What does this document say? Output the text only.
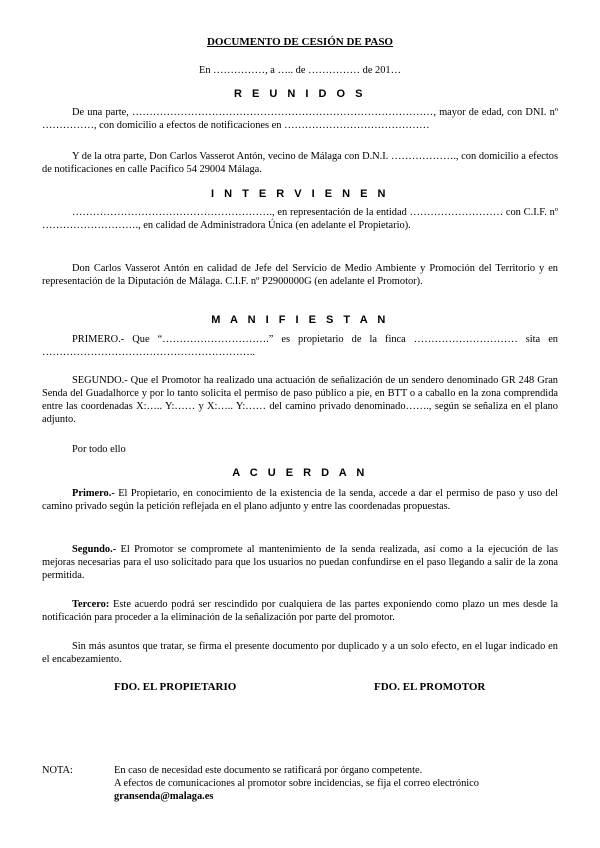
DOCUMENTO DE CESIÓN DE PASO
En ……………, a ….. de …………… de 201…
R E U N I D O S
De una parte, ……………………………………………………………………………, mayor de edad, con DNI. nº ……………, con domicilio a efectos de notificaciones en ……………………………………
Y de la otra parte, Don Carlos Vasserot Antón, vecino de Málaga con D.N.I. ………………., con domicilio a efectos de notificaciones en calle Pacífico 54 29004 Málaga.
I N T E R V I E N E N
…………………………………………………., en representación de la entidad ……………………… con C.I.F. nº ………………………., en calidad de Administradora Única (en adelante el Propietario).
Don Carlos Vasserot Antón en calidad de Jefe del Servicio de Medio Ambiente y Promoción del Territorio y en representación de la Diputación de Málaga. C.I.F. nº P2900000G (en adelante el Promotor).
M A N I F I E S T A N
PRIMERO.- Que “………………………….” es propietario de la finca ………………………… sita en ……………………………………………………..
SEGUNDO.- Que el Promotor ha realizado una actuación de señalización de un sendero denominado GR 248 Gran Senda del Guadalhorce y por lo tanto solicita el permiso de paso público a pie, en BTT o a caballo en la zona comprendida entre las coordenadas X:….. Y:…… y X:….. Y:…… del camino privado denominado……., según se señaliza en el plano adjunto.
Por todo ello
A C U E R D A N
Primero.- El Propietario, en conocimiento de la existencia de la senda, accede a dar el permiso de paso y uso del camino privado según la petición reflejada en el plano adjunto y entre las coordenadas propuestas.
Segundo.- El Promotor se compromete al mantenimiento de la senda realizada, así como a la ejecución de las mejoras necesarias para el uso solicitado para que los usuarios no puedan confundirse en el paso llegando a salir de la zona permitida.
Tercero: Este acuerdo podrá ser rescindido por cualquiera de las partes exponiendo como plazo un mes desde la notificación para proceder a la eliminación de la señalización por parte del promotor.
Sin más asuntos que tratar, se firma el presente documento por duplicado y a un solo efecto, en el lugar indicado en el encabezamiento.
FDO. EL PROPIETARIO	FDO. EL PROMOTOR
NOTA:	En caso de necesidad este documento se ratificará por órgano competente.
A efectos de comunicaciones al promotor sobre incidencias, se fija el correo electrónico
gransenda@malaga.es
